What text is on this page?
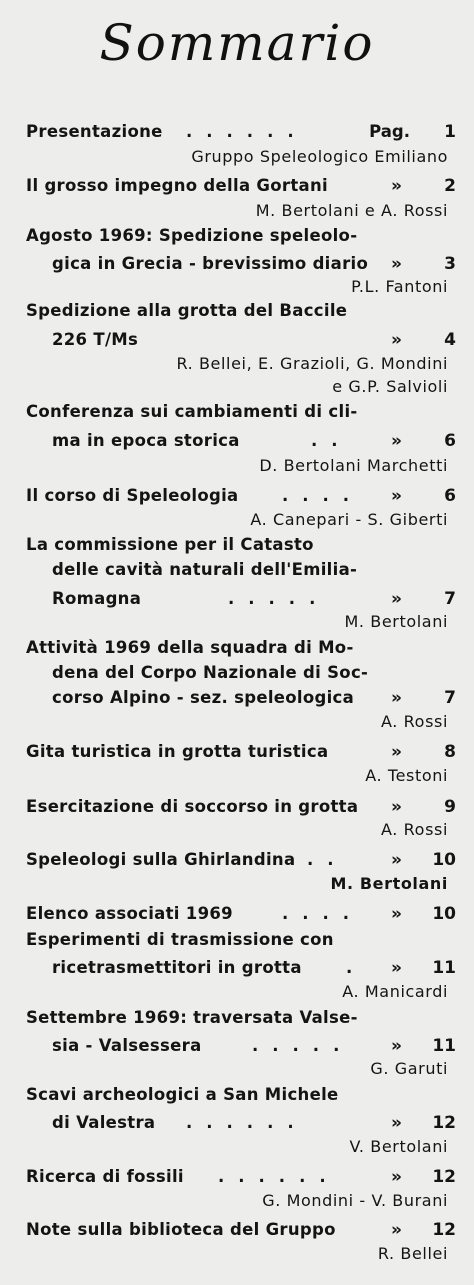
Sommario
Presentazione ......	Pag.	1
Gruppo Speleologico Emiliano
Il grosso impegno della Gortani	»	2
M. Bertolani e A. Rossi
Agosto 1969: Spedizione speleolo-
gica in Grecia - brevissimo diario »	3
P.L. Fantoni
Spedizione alla grotta del Baccile
226 T/Ms	»	4
R. Bellei, E. Grazioli, G. Mondini
e G.P. Salvioli
Conferenza sui cambiamenti di cli-
ma in epoca storica	.. »	6
D. Bertolani Marchetti
Il corso di Speleologia	.... »	6
A. Canepari - S. Giberti
La commissione per il Catasto
delle cavità naturali dell'Emilia-
Romagna	.....	»	7
M. Bertolani
Attività 1969 della squadra di Mo-
dena del Corpo Nazionale di Soc-
corso Alpino - sez. speleologica »	7
A. Rossi
Gita turistica in grotta turistica	»	8
A. Testoni
Esercitazione di soccorso in grotta »	9
A. Rossi
Speleologi sulla Ghirlandina ..	» 10
M. Bertolani
Elenco associati 1969	.... » 10
Esperimenti di trasmissione con
ricetrasmettitori in grotta	. » 11
A. Manicardi
Settembre 1969: traversata Valse-
sia - Valsessera	..... » 11
G. Garuti
Scavi archeologici a San Michele
di Valestra ......	» 12
V. Bertolani
Ricerca di fossili ......	» 12
G. Mondini - V. Burani
Note sulla biblioteca del Gruppo	» 12
R. Bellei
